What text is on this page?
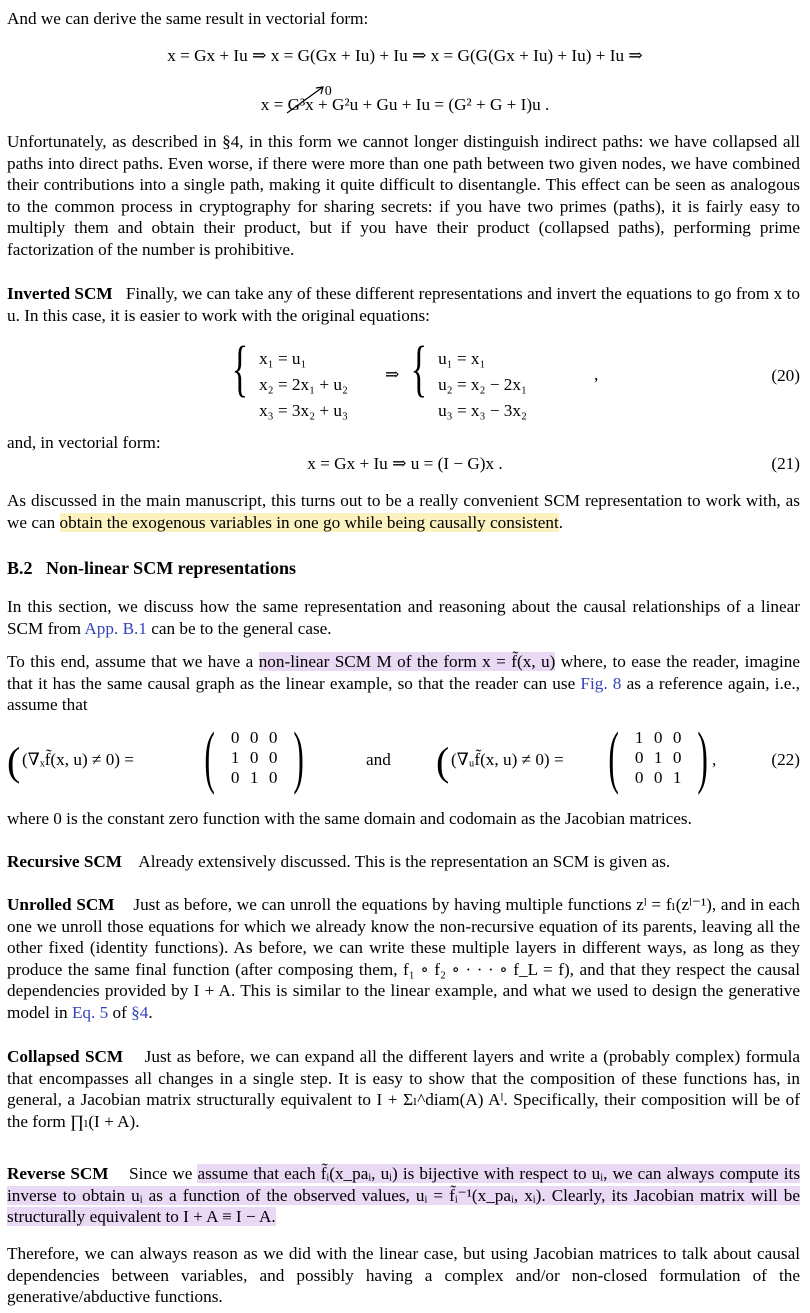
And we can derive the same result in vectorial form:

x = Gx + Iu ⇒ x = G(Gx + Iu) + Iu ⇒ x = G(G(Gx + Iu) + Iu) + Iu ⇒
0
x = G³x + G²u + Gu + Iu = (G² + G + I)u .

Unfortunately, as described in §4, in this form we cannot longer distinguish indirect paths: we have collapsed all paths into direct paths. Even worse, if there were more than one path between two given nodes, we have combined their contributions into a single path, making it quite difficult to disentangle. This effect can be seen as analogous to the common process in cryptography for sharing secrets: if you have two primes (paths), it is fairly easy to multiply them and obtain their product, but if you have their product (collapsed paths), performing prime factorization of the number is prohibitive.

Inverted SCM Finally, we can take any of these different representations and invert the equations to go from x to u. In this case, it is easier to work with the original equations:

{ x₁ = u₁
x₂ = 2x₁ + u₂
x₃ = 3x₂ + u₃
⇒ { u₁ = x₁
u₂ = x₂ − 2x₁
u₃ = x₃ − 3x₂
,	(20)

and, in vectorial form:

x = Gx + Iu ⇒ u = (I − G)x .	(21)

As discussed in the main manuscript, this turns out to be a really convenient SCM representation to work with, as we can obtain the exogenous variables in one go while being causally consistent.

B.2 Non-linear SCM representations

In this section, we discuss how the same representation and reasoning about the causal relationships of a linear SCM from App. B.1 can be to the general case.

To this end, assume that we have a non-linear SCM M of the form x = f̃(x, u) where, to ease the reader, imagine that it has the same causal graph as the linear example, so that the reader can use Fig. 8 as a reference again, i.e., assume that

( (∇ₓf̃(x, u) ≠ 0) = ( 0 0 0
1 0 0
0 1 0 )	and ( (∇ᵤf̃(x, u) ≠ 0) = ( 1 0 0
0 1 0
0 0 1 ) ,	(22)

where 0 is the constant zero function with the same domain and codomain as the Jacobian matrices.

Recursive SCM Already extensively discussed. This is the representation an SCM is given as.

Unrolled SCM Just as before, we can unroll the equations by having multiple functions zˡ = fₗ(zˡ⁻¹), and in each one we unroll those equations for which we already know the non-recursive equation of its parents, leaving all the other fixed (identity functions). As before, we can write these multiple layers in different ways, as long as they produce the same final function (after composing them, f₁ ∘ f₂ ∘ · · · ∘ f_L = f), and that they respect the causal dependencies provided by I + A. This is similar to the linear example, and what we used to design the generative model in Eq. 5 of §4.

Collapsed SCM Just as before, we can expand all the different layers and write a (probably complex) formula that encompasses all changes in a single step. It is easy to show that the composition of these functions has, in general, a Jacobian matrix structurally equivalent to I + Σₗ^diam(A) Aˡ. Specifically, their composition will be of the form ∏ₗ(I + A).

Reverse SCM Since we assume that each f̃ᵢ(x_paᵢ, uᵢ) is bijective with respect to uᵢ, we can always compute its inverse to obtain uᵢ as a function of the observed values, uᵢ = f̃ᵢ⁻¹(x_paᵢ, xᵢ). Clearly, its Jacobian matrix will be structurally equivalent to I + A ≡ I − A.

Therefore, we can always reason as we did with the linear case, but using Jacobian matrices to talk about causal dependencies between variables, and possibly having a complex and/or non-closed formulation of the generative/abductive functions.
